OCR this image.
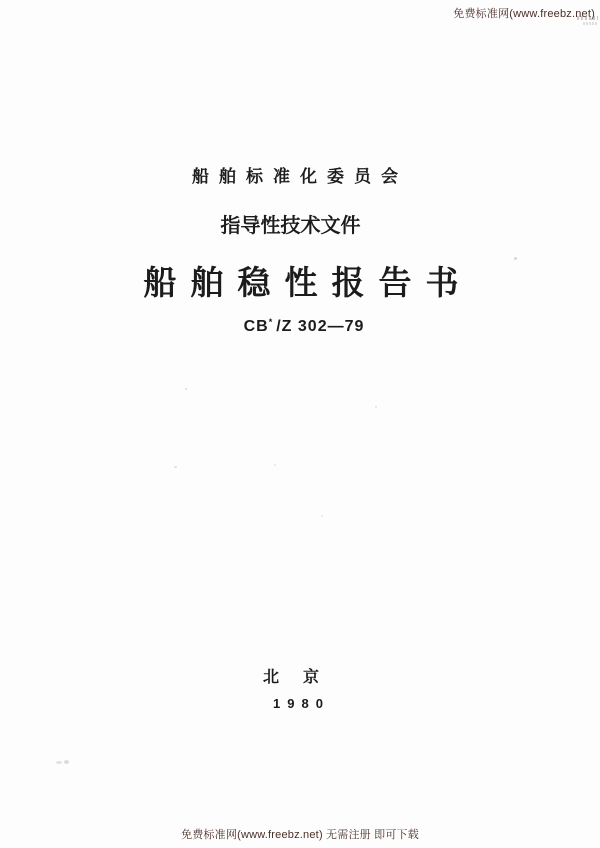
免费标准网(www.freebz.net)
船舶标准化委员会
指导性技术文件
船舶稳性报告书
CB* /Z 302—79
北京
1980
免费标准网(www.freebz.net) 无需注册 即可下载
